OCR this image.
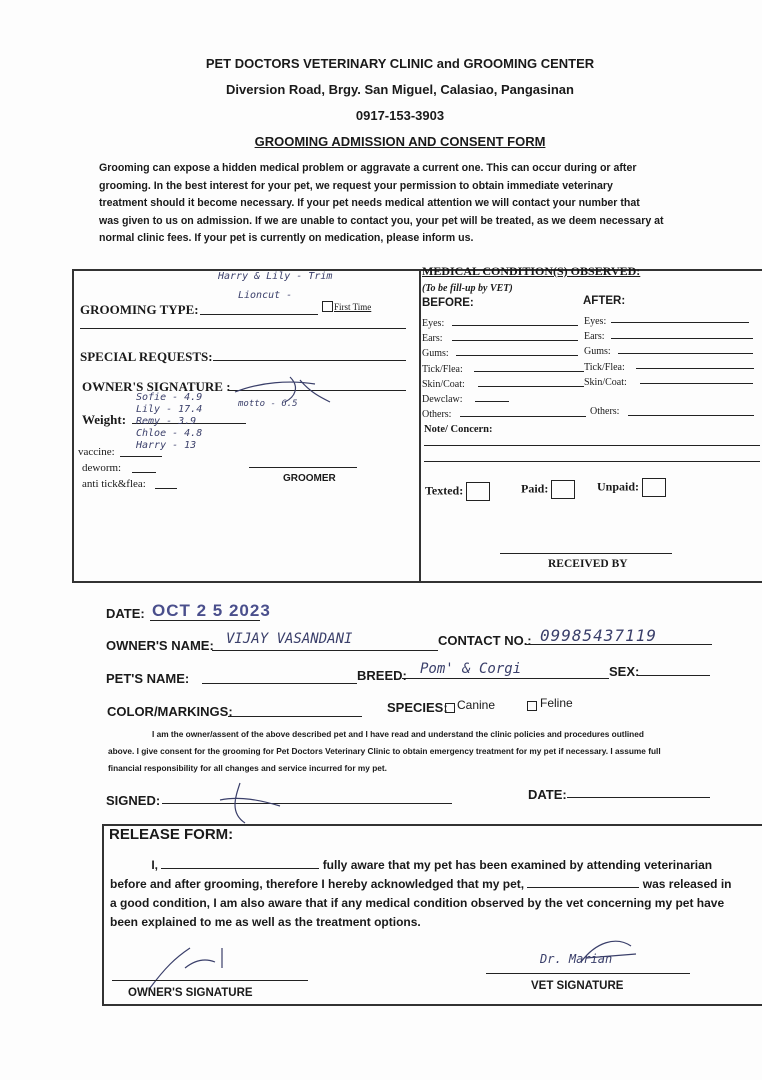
PET DOCTORS VETERINARY CLINIC and GROOMING CENTER
Diversion Road, Brgy. San Miguel, Calasiao, Pangasinan
0917-153-3903
GROOMING ADMISSION AND CONSENT FORM
Grooming can expose a hidden medical problem or aggravate a current one. This can occur during or after
grooming. In the best interest for your pet, we request your permission to obtain immediate veterinary
treatment should it become necessary. If your pet needs medical attention we will contact your number that
was given to us on admission. If we are unable to contact you, your pet will be treated, as we deem necessary at
normal clinic fees. If your pet is currently on medication, please inform us.
Harry & Lily - Trim
Lioncut -
GROOMING TYPE:	First Time
SPECIAL REQUESTS:
OWNER'S SIGNATURE :
Weight:
Sofie - 4.9
Lily - 17.4
Remy - 3.9
Chloe - 4.8
Harry - 13
motto - 6.5
vaccine:
deworm:
anti tick&flea:	GROOMER
MEDICAL CONDITION(S) OBSERVED:
(To be fill-up by VET)
BEFORE:	AFTER:
Eyes:
Ears:
Gums:
Tick/Flea:
Skin/Coat:
Dewclaw:
Others:
Eyes:
Ears:
Gums:
Tick/Flea:
Skin/Coat:
Others:
Note/ Concern:
Texted:	Paid:	Unpaid:
RECEIVED BY
DATE: OCT 2 5 2023
OWNER'S NAME: VIJAY VASANDANI	CONTACT NO.: 09985437119
PET'S NAME:	BREED: Pom' & Corgi	SEX:
COLOR/MARKINGS:	SPECIES: Canine	Feline
I am the owner/assent of the above described pet and I have read and understand the clinic policies and procedures outlined
above. I give consent for the grooming for Pet Doctors Veterinary Clinic to obtain emergency treatment for my pet if necessary. I assume full
financial responsibility for all changes and service incurred for my pet.
SIGNED:	DATE:
RELEASE FORM:
I,	fully aware that my pet has been examined by attending veterinarian
before and after grooming, therefore I hereby acknowledged that my pet,	was released in
a good condition, I am also aware that if any medical condition observed by the vet concerning my pet have
been explained to me as well as the treatment options.
OWNER'S SIGNATURE
Dr. Marian
VET SIGNATURE
